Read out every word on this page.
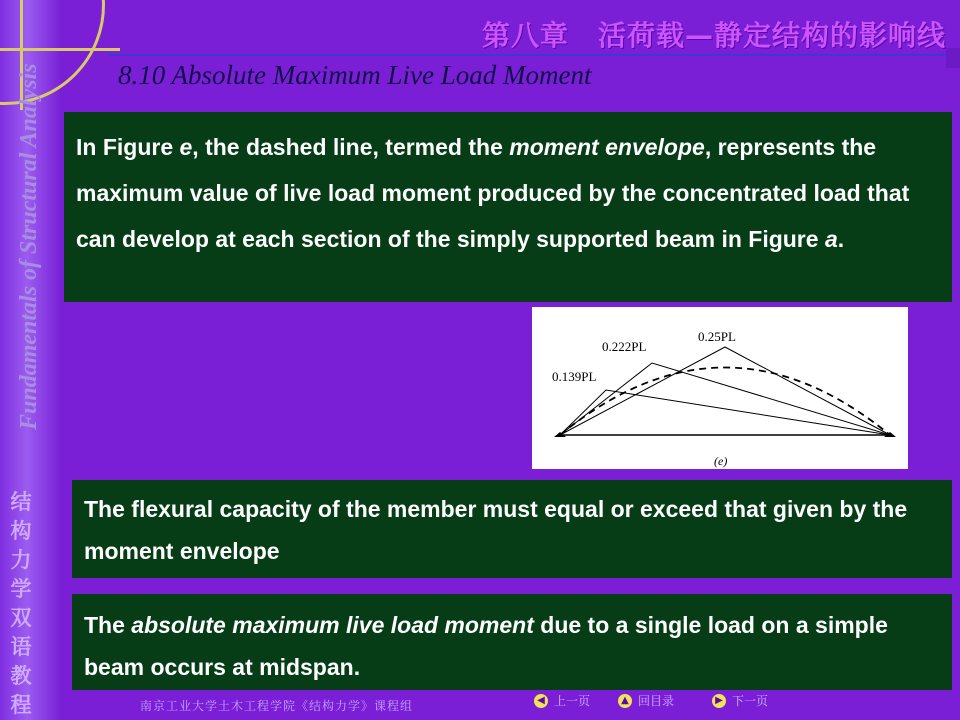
第八章　活荷载—静定结构的影响线
8.10 Absolute Maximum Live Load Moment
Fundamentals of Structural Analysis
结
构
力
学
双
语
教
程
In Figure e, the dashed line, termed the moment envelope, represents the maximum value of live load moment produced by the concentrated load that can develop at each section of the simply supported beam in Figure a.
0.139PL
0.222PL
0.25PL
(e)
The flexural capacity of the member must equal or exceed that given by the moment envelope
The absolute maximum live load moment due to a single load on a simple beam occurs at midspan.
南京工业大学土木工程学院《结构力学》课程组	◀ 上一页	▲ 回目录	▶ 下一页
